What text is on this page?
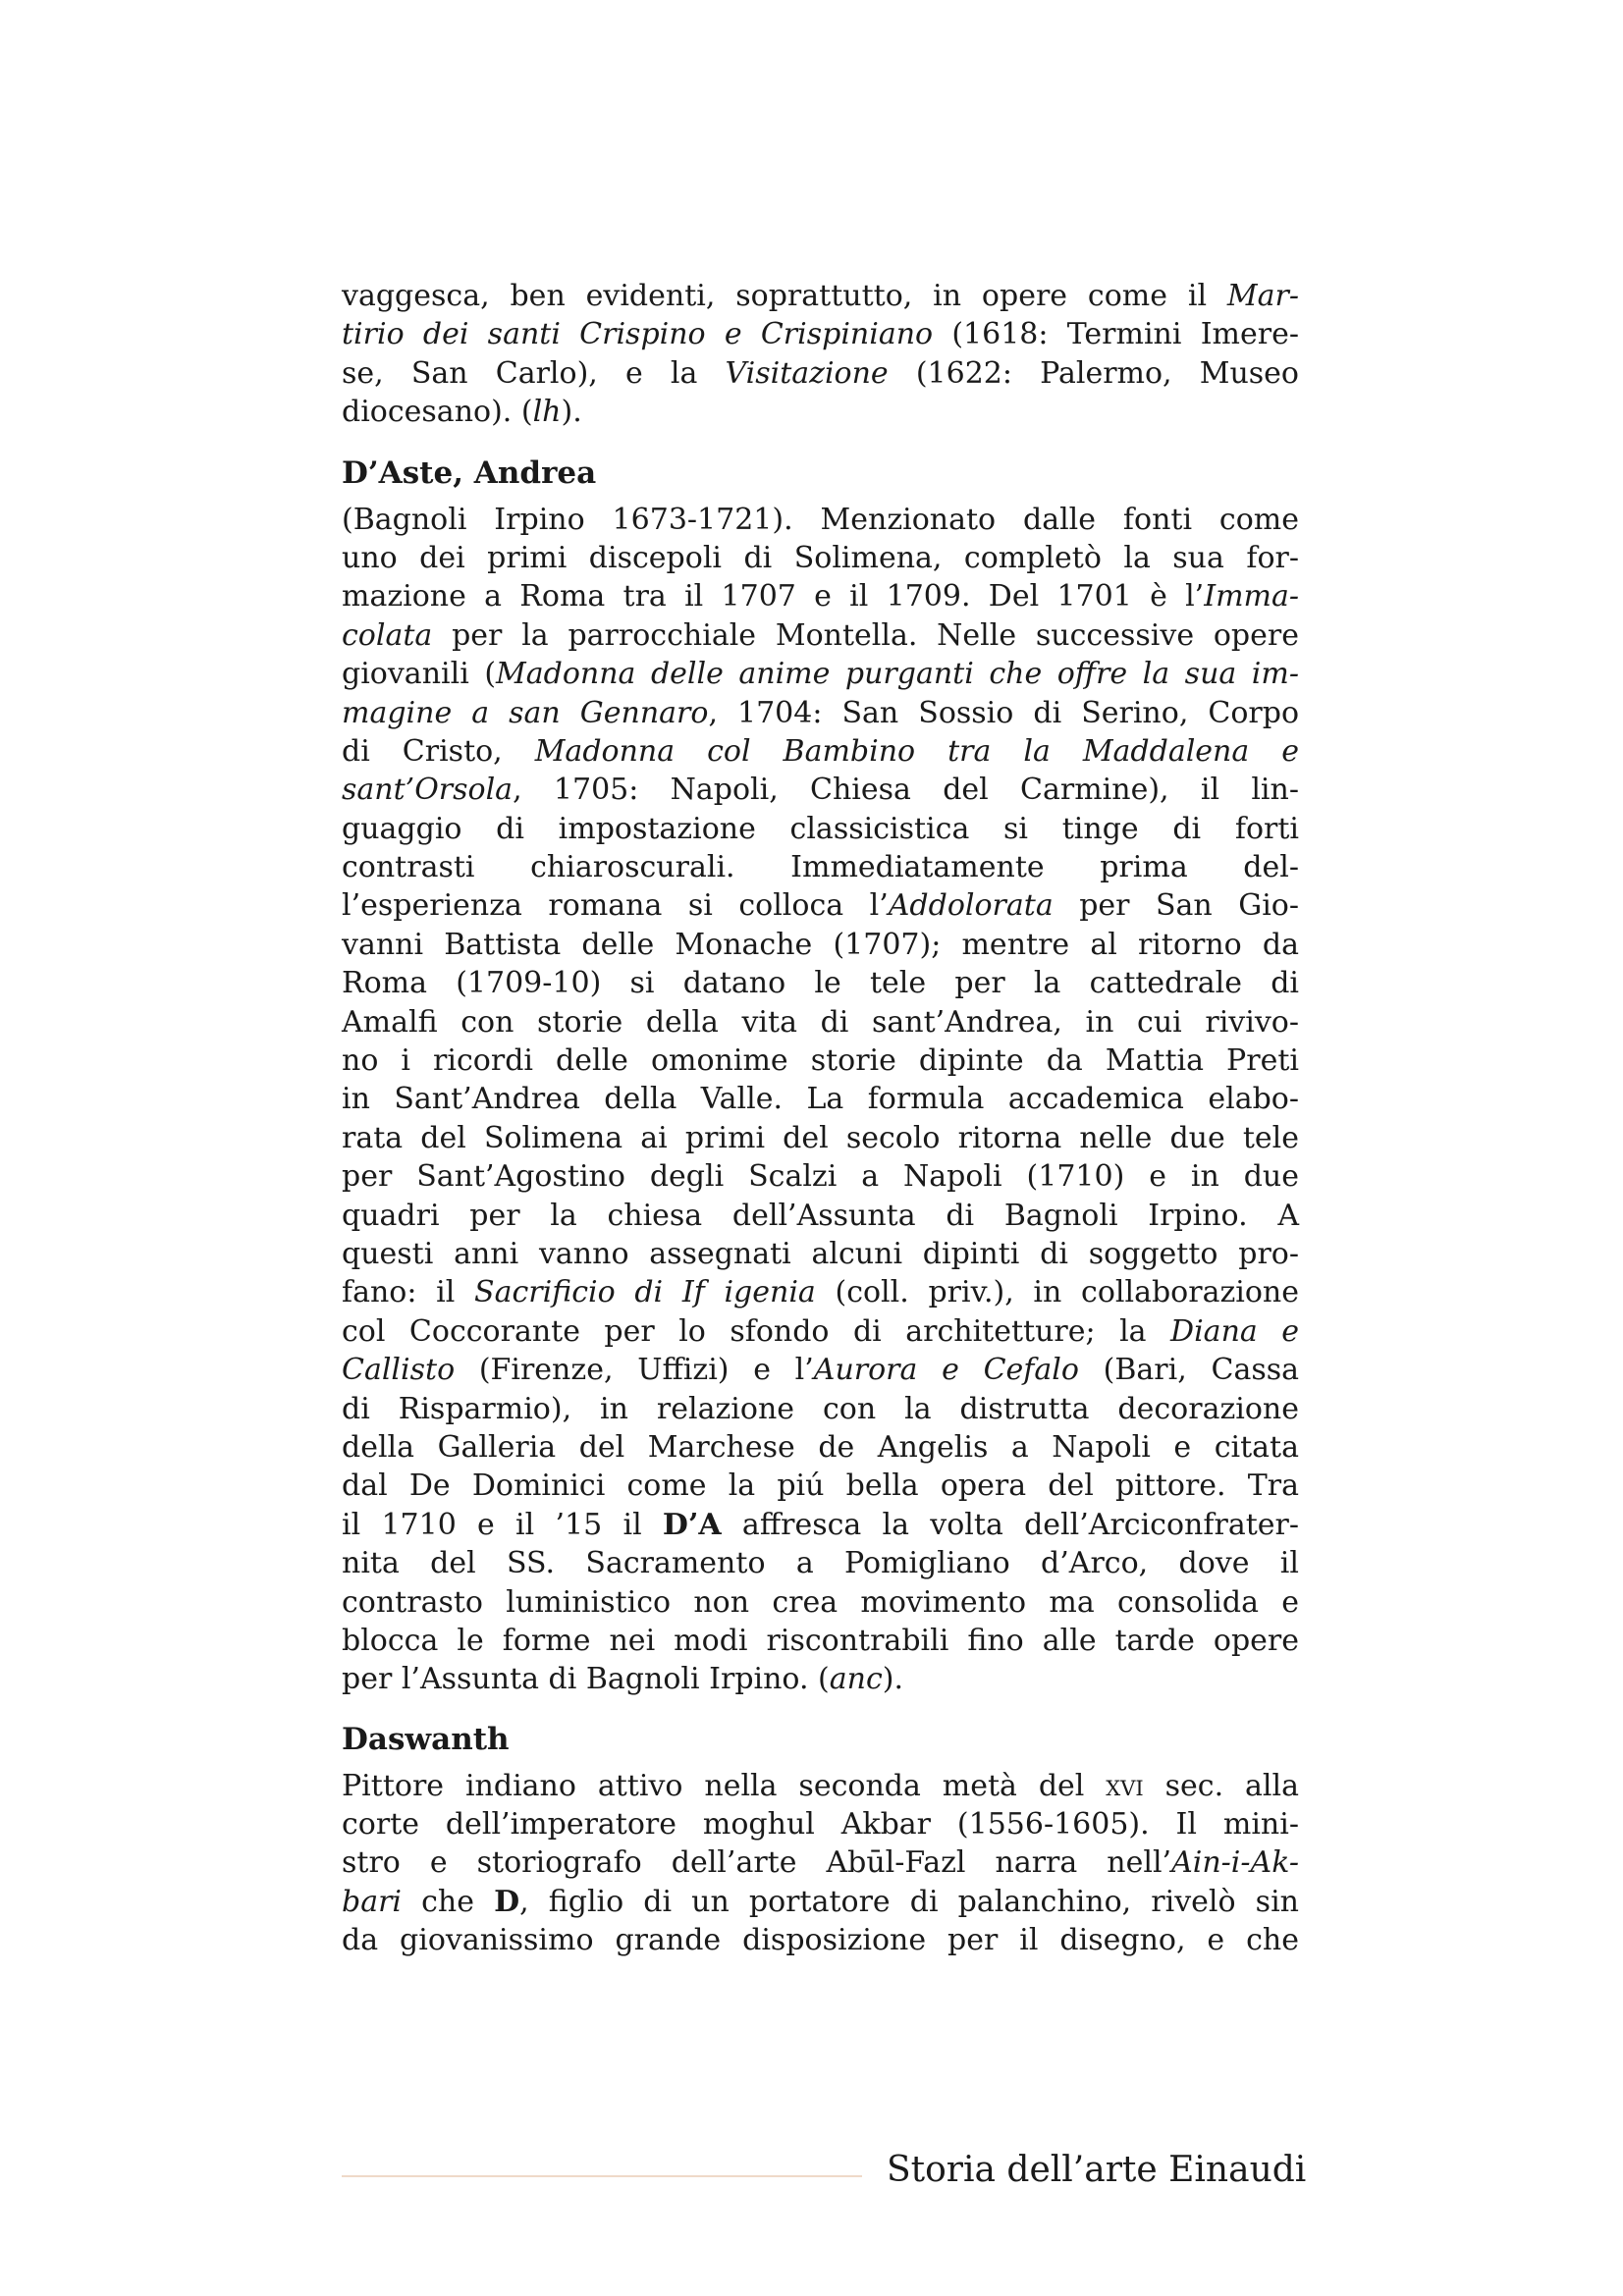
vaggesca, ben evidenti, soprattutto, in opere come il Mar-
tirio dei santi Crispino e Crispiniano (1618: Termini Imere-
se, San Carlo), e la Visitazione (1622: Palermo, Museo
diocesano). (lh).
D’Aste, Andrea
(Bagnoli Irpino 1673-1721). Menzionato dalle fonti come
uno dei primi discepoli di Solimena, completò la sua for-
mazione a Roma tra il 1707 e il 1709. Del 1701 è l’Imma-
colata per la parrocchiale Montella. Nelle successive opere
giovanili (Madonna delle anime purganti che offre la sua im-
magine a san Gennaro, 1704: San Sossio di Serino, Corpo
di Cristo, Madonna col Bambino tra la Maddalena e
sant’Orsola, 1705: Napoli, Chiesa del Carmine), il lin-
guaggio di impostazione classicistica si tinge di forti
contrasti chiaroscurali. Immediatamente prima del-
l’esperienza romana si colloca l’Addolorata per San Gio-
vanni Battista delle Monache (1707); mentre al ritorno da
Roma (1709-10) si datano le tele per la cattedrale di
Amalfi con storie della vita di sant’Andrea, in cui rivivo-
no i ricordi delle omonime storie dipinte da Mattia Preti
in Sant’Andrea della Valle. La formula accademica elabo-
rata del Solimena ai primi del secolo ritorna nelle due tele
per Sant’Agostino degli Scalzi a Napoli (1710) e in due
quadri per la chiesa dell’Assunta di Bagnoli Irpino. A
questi anni vanno assegnati alcuni dipinti di soggetto pro-
fano: il Sacrificio di If igenia (coll. priv.), in collaborazione
col Coccorante per lo sfondo di architetture; la Diana e
Callisto (Firenze, Uffizi) e l’Aurora e Cefalo (Bari, Cassa
di Risparmio), in relazione con la distrutta decorazione
della Galleria del Marchese de Angelis a Napoli e citata
dal De Dominici come la piú bella opera del pittore. Tra
il 1710 e il ’15 il D’A affresca la volta dell’Arciconfrater-
nita del SS. Sacramento a Pomigliano d’Arco, dove il
contrasto luministico non crea movimento ma consolida e
blocca le forme nei modi riscontrabili fino alle tarde opere
per l’Assunta di Bagnoli Irpino. (anc).
Daswanth
Pittore indiano attivo nella seconda metà del xvi sec. alla
corte dell’imperatore moghul Akbar (1556-1605). Il mini-
stro e storiografo dell’arte Abūl-Fazl narra nell’Ain-i-Ak-
bari che D, figlio di un portatore di palanchino, rivelò sin
da giovanissimo grande disposizione per il disegno, e che
Storia dell’arte Einaudi
